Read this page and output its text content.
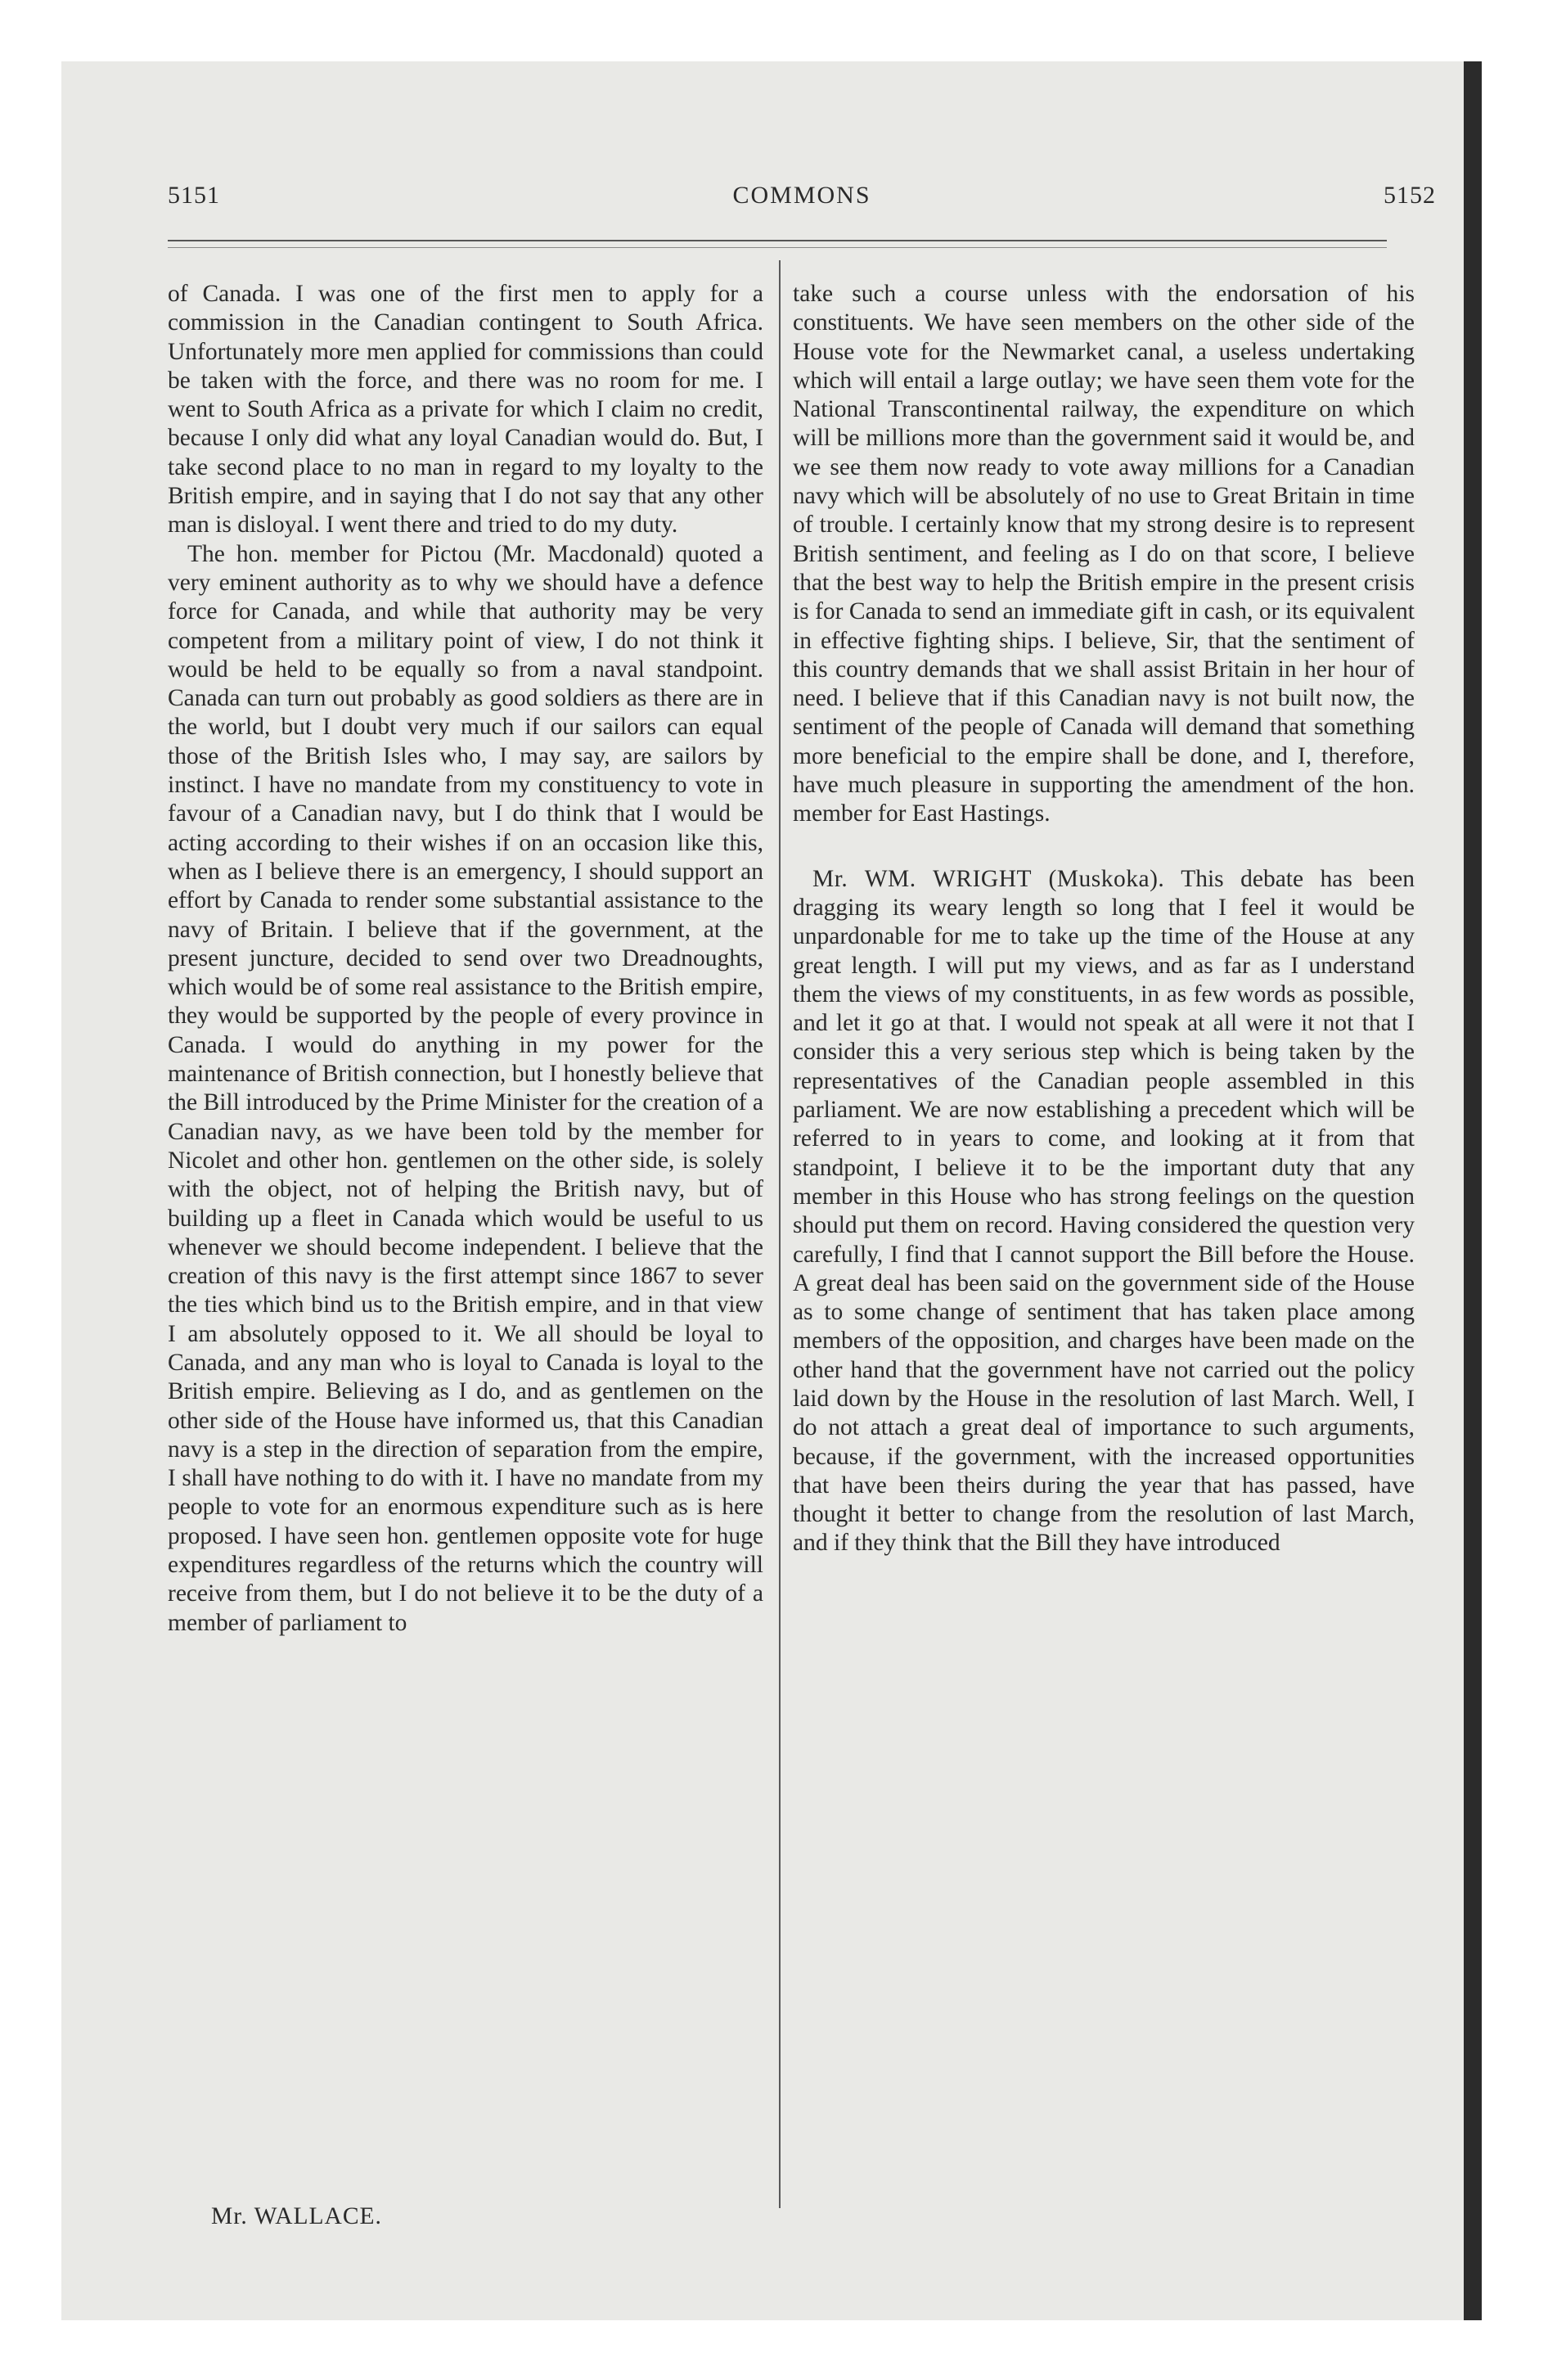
5151	COMMONS	5152

of Canada. I was one of the first men to apply for a commission in the Canadian contingent to South Africa. Unfortunately more men applied for commissions than could be taken with the force, and there was no room for me. I went to South Africa as a private for which I claim no credit, because I only did what any loyal Canadian would do. But, I take second place to no man in regard to my loyalty to the British empire, and in saying that I do not say that any other man is disloyal. I went there and tried to do my duty.

The hon. member for Pictou (Mr. Macdonald) quoted a very eminent authority as to why we should have a defence force for Canada, and while that authority may be very competent from a military point of view, I do not think it would be held to be equally so from a naval standpoint. Canada can turn out probably as good soldiers as there are in the world, but I doubt very much if our sailors can equal those of the British Isles who, I may say, are sailors by instinct. I have no mandate from my constituency to vote in favour of a Canadian navy, but I do think that I would be acting according to their wishes if on an occasion like this, when as I believe there is an emergency, I should support an effort by Canada to render some substantial assistance to the navy of Britain. I believe that if the government, at the present juncture, decided to send over two Dreadnoughts, which would be of some real assistance to the British empire, they would be supported by the people of every province in Canada. I would do anything in my power for the maintenance of British connection, but I honestly believe that the Bill introduced by the Prime Minister for the creation of a Canadian navy, as we have been told by the member for Nicolet and other hon. gentlemen on the other side, is solely with the object, not of helping the British navy, but of building up a fleet in Canada which would be useful to us whenever we should become independent. I believe that the creation of this navy is the first attempt since 1867 to sever the ties which bind us to the British empire, and in that view I am absolutely opposed to it. We all should be loyal to Canada, and any man who is loyal to Canada is loyal to the British empire. Believing as I do, and as gentlemen on the other side of the House have informed us, that this Canadian navy is a step in the direction of separation from the empire, I shall have nothing to do with it. I have no mandate from my people to vote for an enormous expenditure such as is here proposed. I have seen hon. gentlemen opposite vote for huge expenditures regardless of the returns which the country will receive from them, but I do not believe it to be the duty of a member of parliament to

take such a course unless with the endorsation of his constituents. We have seen members on the other side of the House vote for the Newmarket canal, a useless undertaking which will entail a large outlay; we have seen them vote for the National Transcontinental railway, the expenditure on which will be millions more than the government said it would be, and we see them now ready to vote away millions for a Canadian navy which will be absolutely of no use to Great Britain in time of trouble. I certainly know that my strong desire is to represent British sentiment, and feeling as I do on that score, I believe that the best way to help the British empire in the present crisis is for Canada to send an immediate gift in cash, or its equivalent in effective fighting ships. I believe, Sir, that the sentiment of this country demands that we shall assist Britain in her hour of need. I believe that if this Canadian navy is not built now, the sentiment of the people of Canada will demand that something more beneficial to the empire shall be done, and I, therefore, have much pleasure in supporting the amendment of the hon. member for East Hastings.

Mr. WM. WRIGHT (Muskoka). This debate has been dragging its weary length so long that I feel it would be unpardonable for me to take up the time of the House at any great length. I will put my views, and as far as I understand them the views of my constituents, in as few words as possible, and let it go at that. I would not speak at all were it not that I consider this a very serious step which is being taken by the representatives of the Canadian people assembled in this parliament. We are now establishing a precedent which will be referred to in years to come, and looking at it from that standpoint, I believe it to be the important duty that any member in this House who has strong feelings on the question should put them on record. Having considered the question very carefully, I find that I cannot support the Bill before the House. A great deal has been said on the government side of the House as to some change of sentiment that has taken place among members of the opposition, and charges have been made on the other hand that the government have not carried out the policy laid down by the House in the resolution of last March. Well, I do not attach a great deal of importance to such arguments, because, if the government, with the increased opportunities that have been theirs during the year that has passed, have thought it better to change from the resolution of last March, and if they think that the Bill they have introduced

Mr. WALLACE.
